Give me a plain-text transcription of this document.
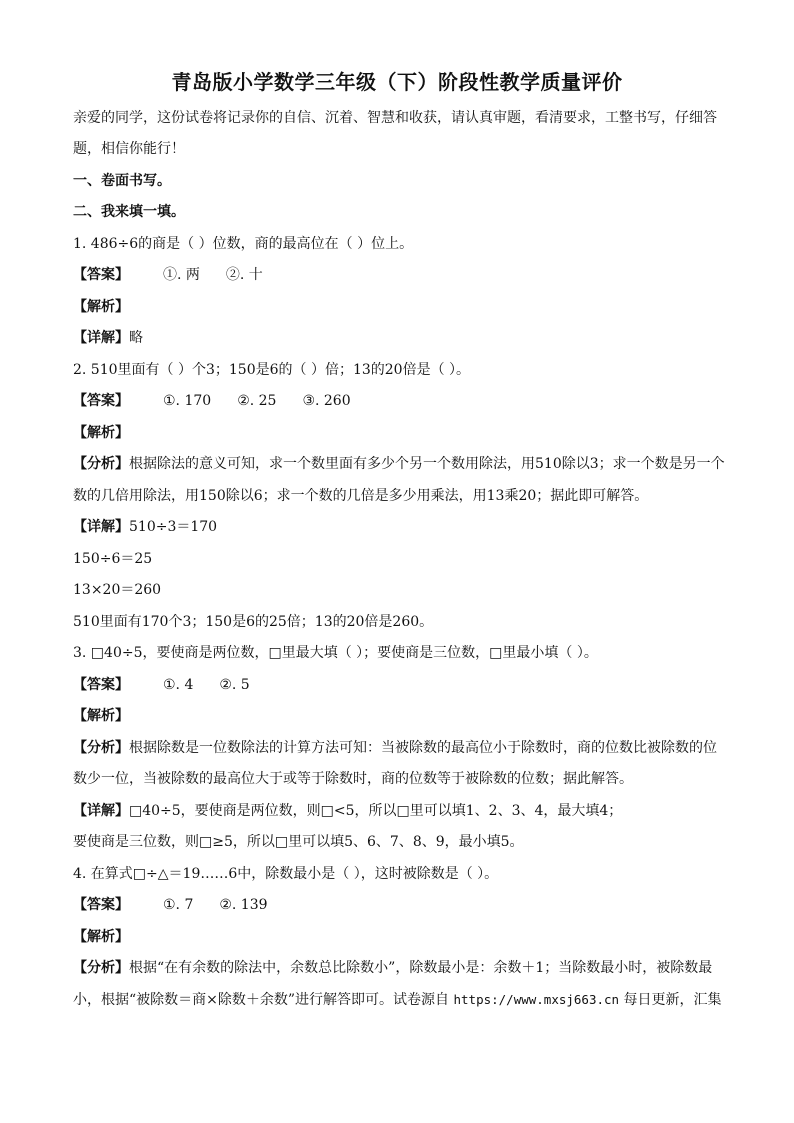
青岛版小学数学三年级（下）阶段性教学质量评价
亲爱的同学，这份试卷将记录你的自信、沉着、智慧和收获，请认真审题，看清要求，工整书写，仔细答
题，相信你能行！
一、卷面书写。
二、我来填一填。
1. 486÷6的商是（ ）位数，商的最高位在（ ）位上。
【答案】 ①. 两 ②. 十
【解析】
【详解】略
2. 510里面有（ ）个3；150是6的（ ）倍；13的20倍是（ ）。
【答案】 ①. 170 ②. 25 ③. 260
【解析】
【分析】根据除法的意义可知，求一个数里面有多少个另一个数用除法，用510除以3；求一个数是另一个
数的几倍用除法，用150除以6；求一个数的几倍是多少用乘法，用13乘20；据此即可解答。
【详解】510÷3＝170
150÷6＝25
13×20＝260
510里面有170个3；150是6的25倍；13的20倍是260。
3. □40÷5，要使商是两位数，□里最大填（ ）；要使商是三位数，□里最小填（ ）。
【答案】 ①. 4 ②. 5
【解析】
【分析】根据除数是一位数除法的计算方法可知：当被除数的最高位小于除数时，商的位数比被除数的位
数少一位，当被除数的最高位大于或等于除数时，商的位数等于被除数的位数；据此解答。
【详解】□40÷5，要使商是两位数，则□<5，所以□里可以填1、2、3、4，最大填4；
要使商是三位数，则□≥5，所以□里可以填5、6、7、8、9，最小填5。
4. 在算式□÷△＝19……6中，除数最小是（ ），这时被除数是（ ）。
【答案】 ①. 7 ②. 139
【解析】
【分析】根据“在有余数的除法中，余数总比除数小”，除数最小是：余数＋1；当除数最小时，被除数最
小，根据“被除数＝商×除数＋余数”进行解答即可。试卷源自 https://www.mxsj663.cn 每日更新，汇集
